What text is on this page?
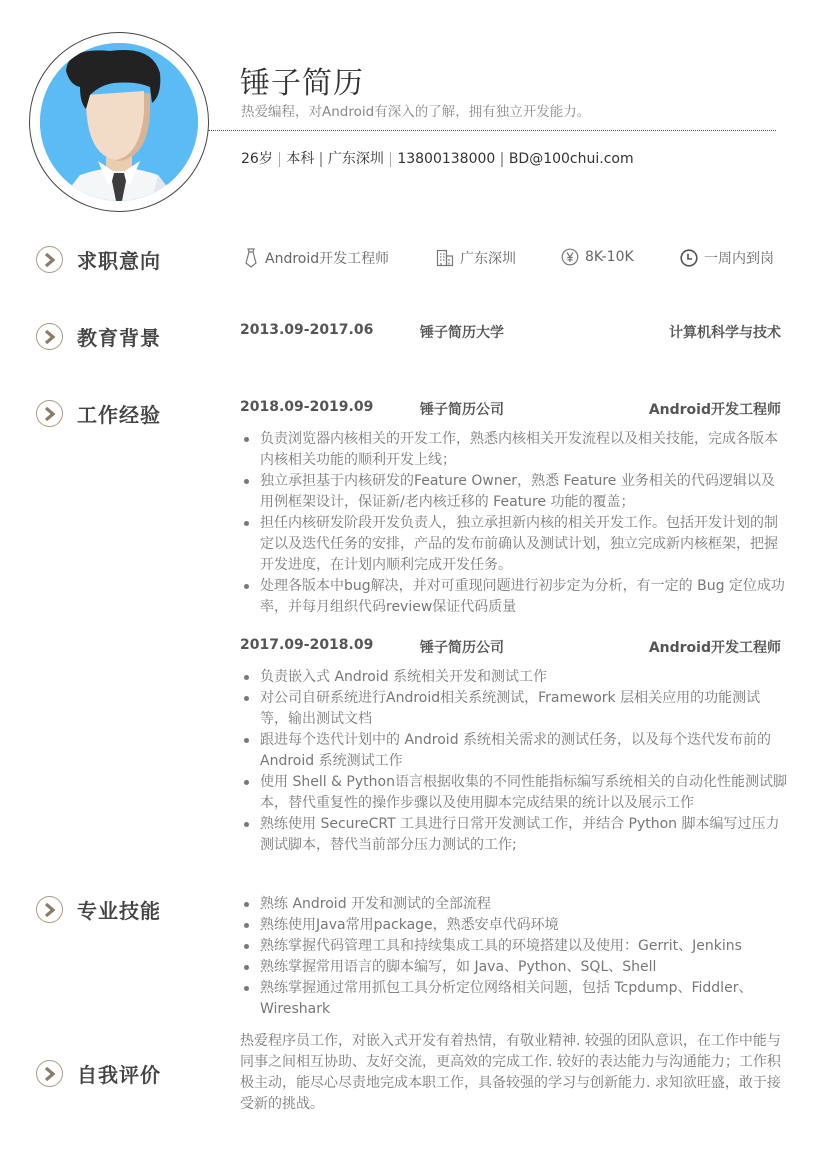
锤子简历
热爱编程，对Android有深入的了解，拥有独立开发能力。
26岁 本科 广东深圳 13800138000 BD@100chui.com
求职意向	Android开发工程师	广东深圳	8K-10K	一周内到岗
教育背景	2013.09-2017.06	锤子简历大学	计算机科学与技术
工作经验	2018.09-2019.09	锤子简历公司	Android开发工程师
负责浏览器内核相关的开发工作，熟悉内核相关开发流程以及相关技能，完成各版本内核相关功能的顺利开发上线；
独立承担基于内核研发的Feature Owner，熟悉 Feature 业务相关的代码逻辑以及用例框架设计，保证新/老内核迁移的 Feature 功能的覆盖；
担任内核研发阶段开发负责人，独立承担新内核的相关开发工作。包括开发计划的制定以及迭代任务的安排，产品的发布前确认及测试计划，独立完成新内核框架，把握开发进度，在计划内顺利完成开发任务。
处理各版本中bug解决，并对可重现问题进行初步定为分析，有一定的 Bug 定位成功率，并每月组织代码review保证代码质量
2017.09-2018.09	锤子简历公司	Android开发工程师
负责嵌入式 Android 系统相关开发和测试工作
对公司自研系统进行Android相关系统测试，Framework 层相关应用的功能测试等，输出测试文档
跟进每个迭代计划中的 Android 系统相关需求的测试任务，以及每个迭代发布前的Android 系统测试工作
使用 Shell & Python语言根据收集的不同性能指标编写系统相关的自动化性能测试脚本，替代重复性的操作步骤以及使用脚本完成结果的统计以及展示工作
熟练使用 SecureCRT 工具进行日常开发测试工作，并结合 Python 脚本编写过压力测试脚本，替代当前部分压力测试的工作;
专业技能	熟练 Android 开发和测试的全部流程
熟练使用Java常用package，熟悉安卓代码环境
熟练掌握代码管理工具和持续集成工具的环境搭建以及使用：Gerrit、Jenkins
熟练掌握常用语言的脚本编写，如 Java、Python、SQL、Shell
熟练掌握通过常用抓包工具分析定位网络相关问题，包括 Tcpdump、Fiddler、Wireshark
自我评价
热爱程序员工作，对嵌入式开发有着热情，有敬业精神. 较强的团队意识，在工作中能与同事之间相互协助、友好交流，更高效的完成工作. 较好的表达能力与沟通能力；工作积极主动，能尽心尽责地完成本职工作，具备较强的学习与创新能力. 求知欲旺盛，敢于接受新的挑战。
